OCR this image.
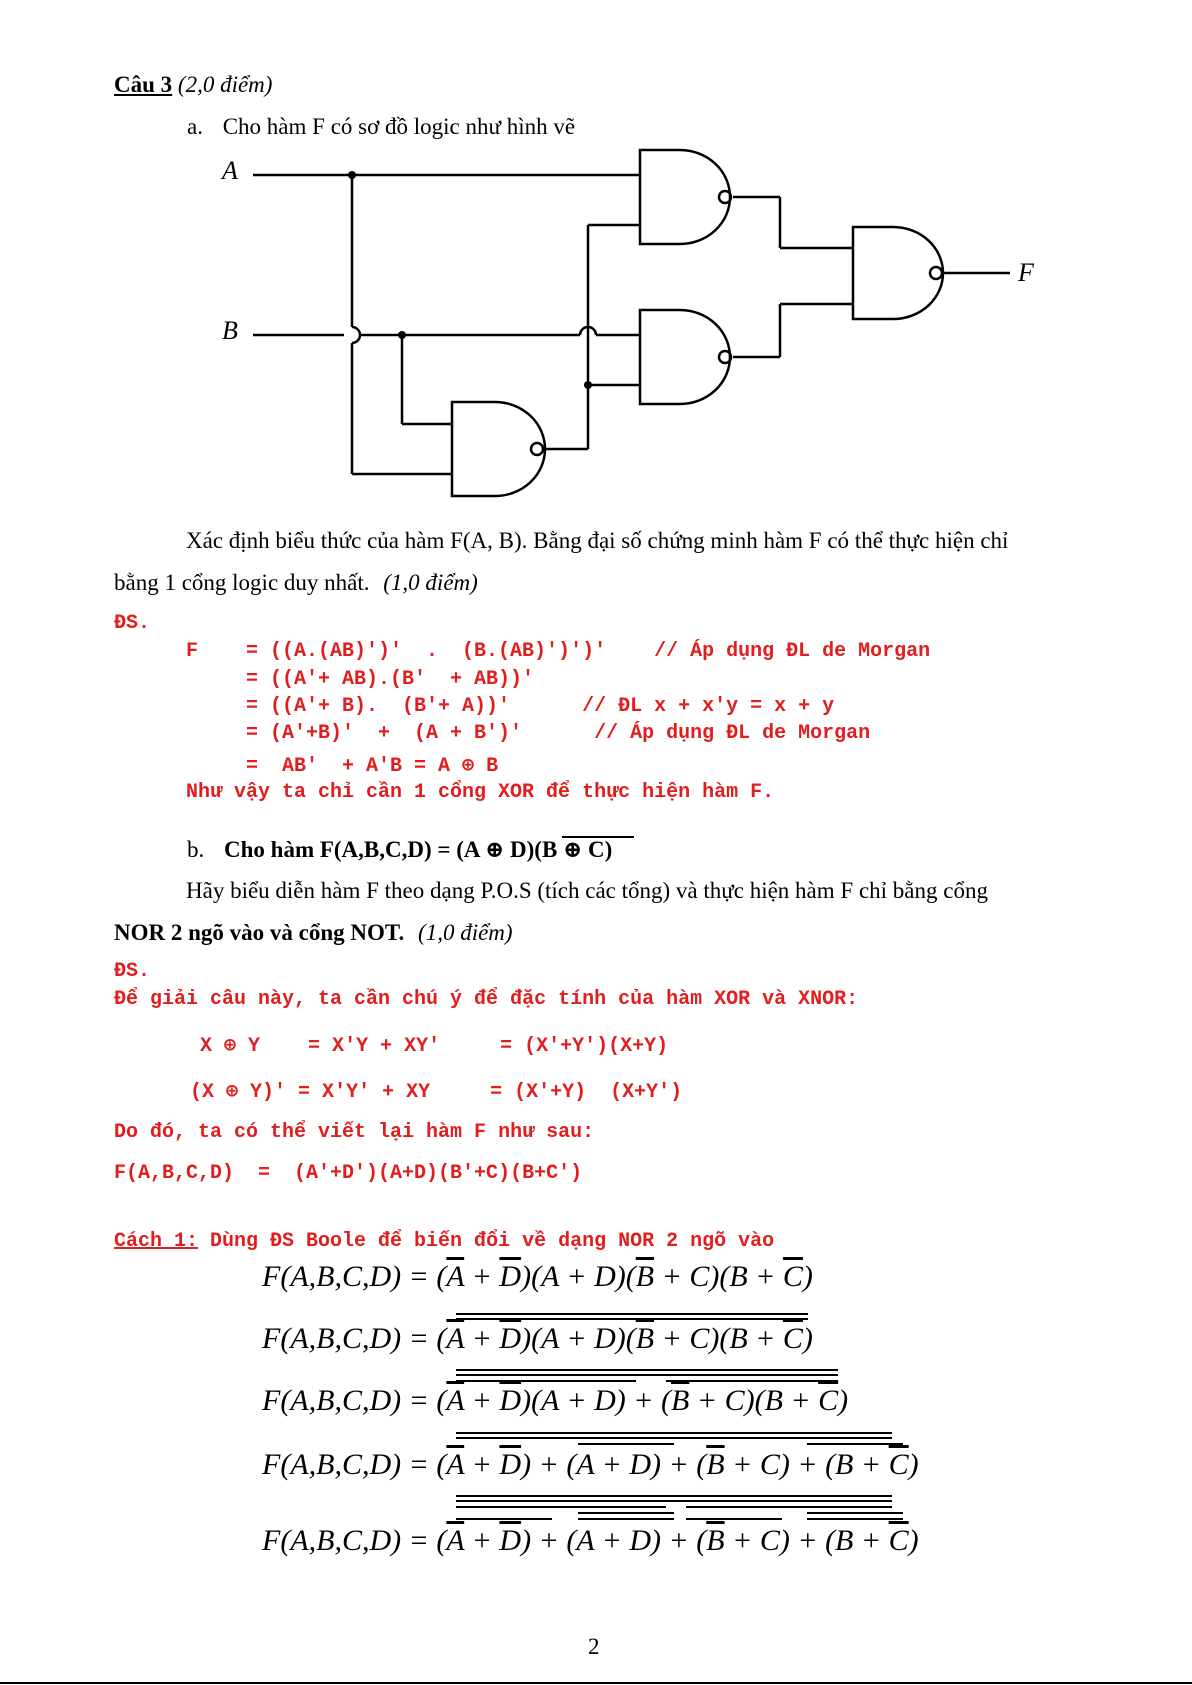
Câu 3 (2,0 điểm)
a. Cho hàm F có sơ đồ logic như hình vẽ
A
B
F
Xác định biểu thức của hàm F(A, B). Bằng đại số chứng minh hàm F có thể thực hiện chỉ
bằng 1 cổng logic duy nhất. (1,0 điểm)
ĐS.
F    = ((A.(AB)′)′  .  (B.(AB)′)′)′    // Áp dụng ĐL de Morgan
= ((A′+ AB).(B′  + AB))′
= ((A′+ B).  (B′+ A))′      // ĐL x + x′y = x + y
= (A′+B)′  +  (A + B′)′      // Áp dụng ĐL de Morgan
=  AB′  + A′B = A ⊕ B
Như vậy ta chỉ cần 1 cổng XOR để thực hiện hàm F.
b. Cho hàm F(A,B,C,D) = (A ⊕ D)(B ⊕ C)
Hãy biểu diễn hàm F theo dạng P.O.S (tích các tổng) và thực hiện hàm F chỉ bằng cổng
NOR 2 ngõ vào và cổng NOT. (1,0 điểm)
ĐS.
Để giải câu này, ta cần chú ý để đặc tính của hàm XOR và XNOR:
X ⊕ Y    = X′Y + XY′     = (X′+Y′)(X+Y)
(X ⊕ Y)′ = X′Y′ + XY     = (X′+Y)  (X+Y′)
Do đó, ta có thể viết lại hàm F như sau:
F(A,B,C,D)  =  (A′+D′)(A+D)(B′+C)(B+C′)
Cách 1: Dùng ĐS Boole để biến đổi về dạng NOR 2 ngõ vào
$F(A,B,C,D) = (\overline{A} + \overline{D})(A + D)(\overline{B} + C)(B + \overline{C})$
$F(A,B,C,D) = (\overline{A} + \overline{D})(A + D)(\overline{B} + C)(B + \overline{C})$
$F(A,B,C,D) = (\overline{A} + \overline{D})(A + D) + (\overline{B} + C)(B + \overline{C})$
$F(A,B,C,D) = (\overline{A} + \overline{D}) + (A + D) + (\overline{B} + C) + (B + \overline{C})$
$F(A,B,C,D) = (\overline{A} + \overline{D}) + (A + D) + (\overline{B} + C) + (B + \overline{C})$
2
